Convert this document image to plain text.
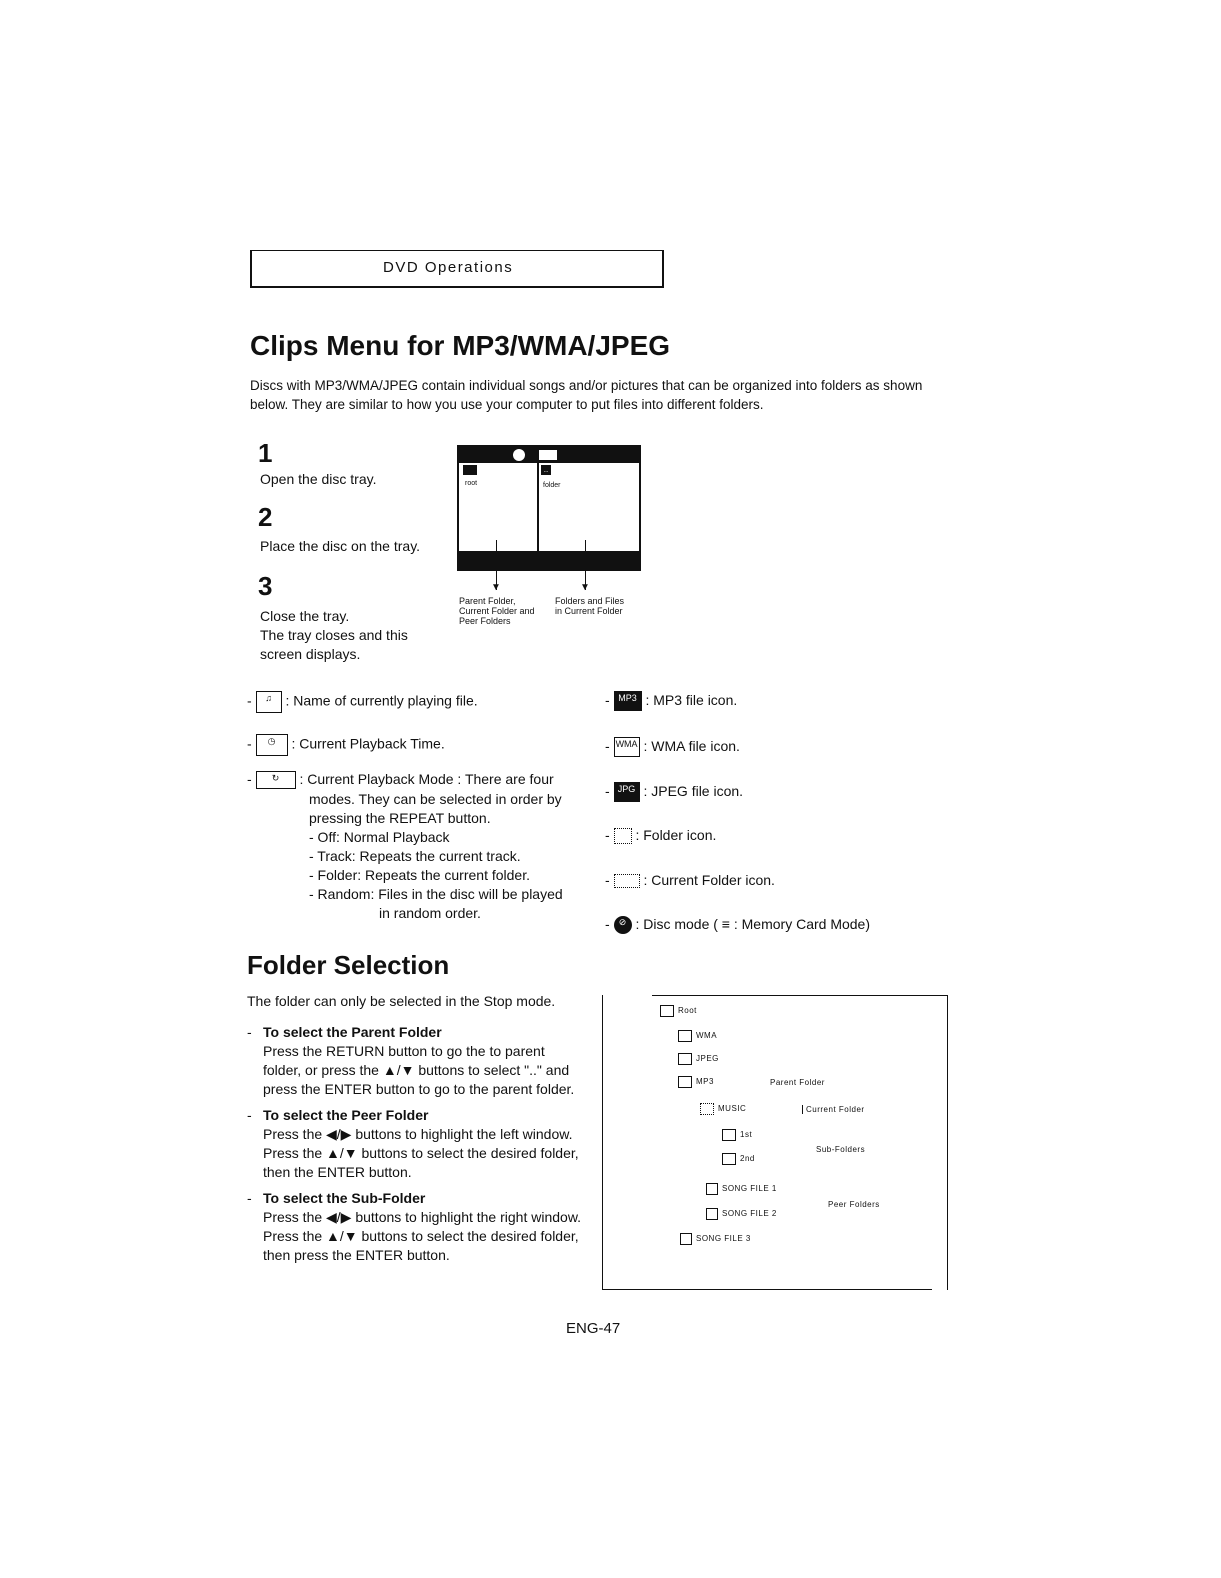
DVD Operations
Clips Menu for MP3/WMA/JPEG
Discs with MP3/WMA/JPEG contain individual songs and/or pictures that can be organized into folders as shown below. They are similar to how you use your computer to put files into different folders.
1
Open the disc tray.
2
Place the disc on the tray.
3
Close the tray.
The tray closes and this
screen displays.
root
..
folder
▼	▼
Parent Folder,
Current Folder and
Peer Folders
Folders and Files
in Current Folder
- ♫ : Name of currently playing file.
- ◷ : Current Playback Time.
- ↻ : Current Playback Mode : There are four
modes. They can be selected in order by
pressing the REPEAT button.
- Off: Normal Playback
- Track: Repeats the current track.
- Folder: Repeats the current folder.
- Random: Files in the disc will be played
in random order.
- MP3 : MP3 file icon.
- WMA : WMA file icon.
- JPG : JPEG file icon.
-  : Folder icon.
-  : Current Folder icon.
- ⊘ : Disc mode ( ≡ : Memory Card Mode)
Folder Selection
The folder can only be selected in the Stop mode.
- To select the Parent Folder
Press the RETURN button to go the to parent
folder, or press the ▲/▼ buttons to select ".." and
press the ENTER button to go to the parent folder.
- To select the Peer Folder
Press the ◀/▶ buttons to highlight the left window.
Press the ▲/▼ buttons to select the desired folder,
then the ENTER button.
- To select the Sub-Folder
Press the ◀/▶ buttons to highlight the right window.
Press the ▲/▼ buttons to select the desired folder,
then press the ENTER button.
Root
WMA
JPEG
MP3	Parent Folder
MUSIC	Current Folder
1st
2nd
Sub-Folders
SONG FILE 1
SONG FILE 2
Peer Folders
SONG FILE 3
ENG-47
